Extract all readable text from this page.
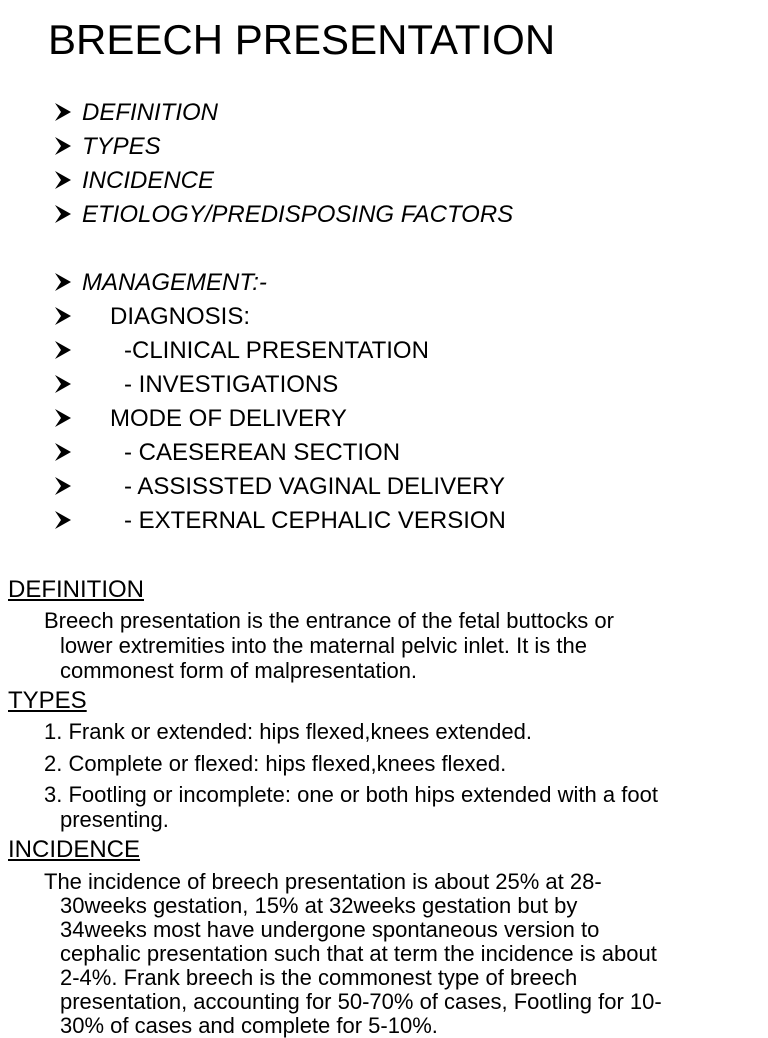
BREECH PRESENTATION
DEFINITION
TYPES
INCIDENCE
ETIOLOGY/PREDISPOSING FACTORS
MANAGEMENT:-
DIAGNOSIS:
-CLINICAL PRESENTATION
- INVESTIGATIONS
MODE OF DELIVERY
- CAESEREAN SECTION
- ASSISSTED VAGINAL DELIVERY
- EXTERNAL CEPHALIC VERSION
DEFINITION
Breech presentation is the entrance of the fetal buttocks or
lower extremities into the maternal pelvic inlet. It is the
commonest form of malpresentation.
TYPES
1. Frank or extended: hips flexed,knees extended.
2. Complete or flexed: hips flexed,knees flexed.
3. Footling or incomplete: one or both hips extended with a foot
presenting.
INCIDENCE
The incidence of breech presentation is about 25% at 28-
30weeks gestation, 15% at 32weeks gestation but by
34weeks most have undergone spontaneous version to
cephalic presentation such that at term the incidence is about
2-4%. Frank breech is the commonest type of breech
presentation, accounting for 50-70% of cases, Footling for 10-
30% of cases and complete for 5-10%.
